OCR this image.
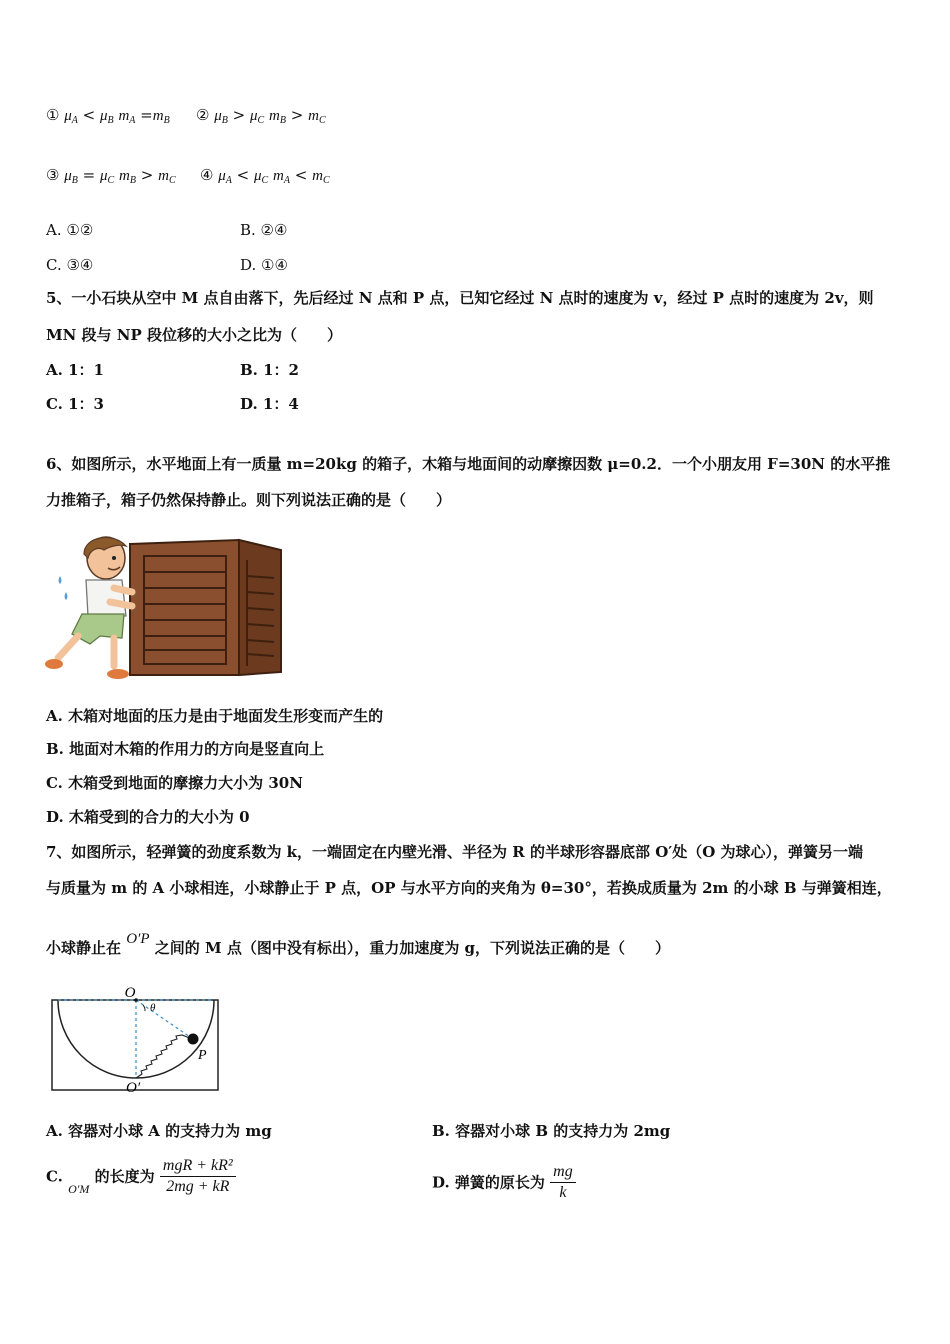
① $\mu_A < \mu_B$ $m_A =m_B$ ② $\mu_B > \mu_C$ $m_B > m_C$
③ $\mu_B = \mu_C$ $m_B > m_C$ ④ $\mu_A < \mu_C$ $m_A < m_C$
A. ①②	B. ②④
C. ③④	D. ①④
5、一小石块从空中 M 点自由落下，先后经过 N 点和 P 点，已知它经过 N 点时的速度为 v，经过 P 点时的速度为 2v，则
MN 段与 NP 段位移的大小之比为（　　）
A. 1：1	B. 1：2
C. 1：3	D. 1：4
6、如图所示，水平地面上有一质量 m=20kg 的箱子，木箱与地面间的动摩擦因数 μ=0.2．一个小朋友用 F=30N 的水平推
力推箱子，箱子仍然保持静止。则下列说法正确的是（　　）
A. 木箱对地面的压力是由于地面发生形变而产生的
B. 地面对木箱的作用力的方向是竖直向上
C. 木箱受到地面的摩擦力大小为 30N
D. 木箱受到的合力的大小为 0
7、如图所示，轻弹簧的劲度系数为 k，一端固定在内壁光滑、半径为 R 的半球形容器底部 O′处（O 为球心），弹簧另一端
与质量为 m 的 A 小球相连，小球静止于 P 点，OP 与水平方向的夹角为 θ=30°，若换成质量为 2m 的小球 B 与弹簧相连，
小球静止在 O′P 之间的 M 点（图中没有标出），重力加速度为 g，下列说法正确的是（　　）
O
θ
P
O′
A. 容器对小球 A 的支持力为 mg	B. 容器对小球 B 的支持力为 2mg
C. $_{O'M}$ 的长度为 $\frac{\text{mgR + kR²}}{2mg + kR}$	D. 弹簧的原长为 $\frac{mg}{k}$
